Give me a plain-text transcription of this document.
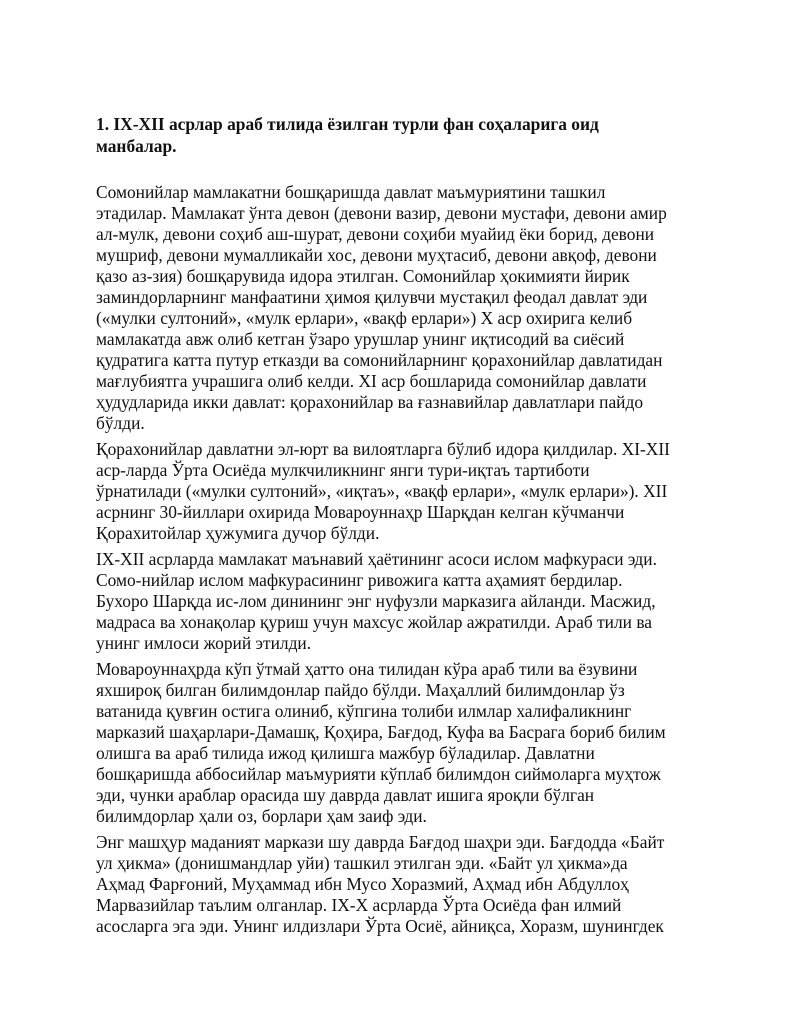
1. IX-XII асрлар араб тилида ёзилган турли фан соҳаларига оид
манбалар.

Сомонийлар мамлакатни бошқаришда давлат маъмуриятини ташкил
этадилар. Мамлакат ўнта девон (девони вазир, девони мустафи, девони амир
ал-мулк, девони соҳиб аш-шурат, девони соҳиби муайид ёки борид, девони
мушриф, девони мумалликайи хос, девони муҳтасиб, девони авқоф, девони
қазо аз-зия) бошқарувида идора этилган. Сомонийлар ҳокимияти йирик
заминдорларнинг манфаатини ҳимоя қилувчи мустақил феодал давлат эди
(«мулки султоний», «мулк ерлари», «вақф ерлари») X аср охирига келиб
мамлакатда авж олиб кетган ўзаро урушлар унинг иқтисодий ва сиёсий
қудратига катта путур етказди ва сомонийларнинг қорахонийлар давлатидан
мағлубиятга учрашига олиб келди. XI аср бошларида сомонийлар давлати
ҳудудларида икки давлат: қорахонийлар ва ғазнавийлар давлатлари пайдо
бўлди.

Қорахонийлар давлатни эл-юрт ва вилоятларга бўлиб идора қилдилар. XI-XII
аср-ларда Ўрта Осиёда мулкчиликнинг янги тури-иқтаъ тартиботи
ўрнатилади («мулки султоний», «иқтаъ», «вақф ерлари», «мулк ерлари»). XII
асрнинг 30-йиллари охирида Мовароуннаҳр Шарқдан келган кўчманчи
Қорахитойлар ҳужумига дучор бўлди.

IX-XII асрларда мамлакат маънавий ҳаётининг асоси ислом мафкураси эди.
Сомо-нийлар ислом мафкурасининг ривожига катта аҳамият бердилар.
Бухоро Шарқда ис-лом динининг энг нуфузли марказига айланди. Масжид,
мадраса ва хонақолар қуриш учун махсус жойлар ажратилди. Араб тили ва
унинг имлоси жорий этилди.

Мовароуннаҳрда кўп ўтмай ҳатто она тилидан кўра араб тили ва ёзувини
яхшироқ билган билимдонлар пайдо бўлди. Маҳаллий билимдонлар ўз
ватанида қувғин остига олиниб, кўпгина толиби илмлар халифаликнинг
марказий шаҳарлари-Дамашқ, Қоҳира, Бағдод, Куфа ва Басрага бориб билим
олишга ва араб тилида ижод қилишга мажбур бўладилар. Давлатни
бошқаришда аббосийлар маъмурияти кўплаб билимдон сиймоларга муҳтож
эди, чунки араблар орасида шу даврда давлат ишига яроқли бўлган
билимдорлар ҳали оз, борлари ҳам заиф эди.

Энг машҳур маданият маркази шу даврда Бағдод шаҳри эди. Бағдодда «Байт
ул ҳикма» (донишмандлар уйи) ташкил этилган эди. «Байт ул ҳикма»да
Аҳмад Фарғоний, Муҳаммад ибн Мусо Хоразмий, Аҳмад ибн Абдуллоҳ
Марвазийлар таълим олганлар. IX-X асрларда Ўрта Осиёда фан илмий
асосларга эга эди. Унинг илдизлари Ўрта Осиё, айниқса, Хоразм, шунингдек
